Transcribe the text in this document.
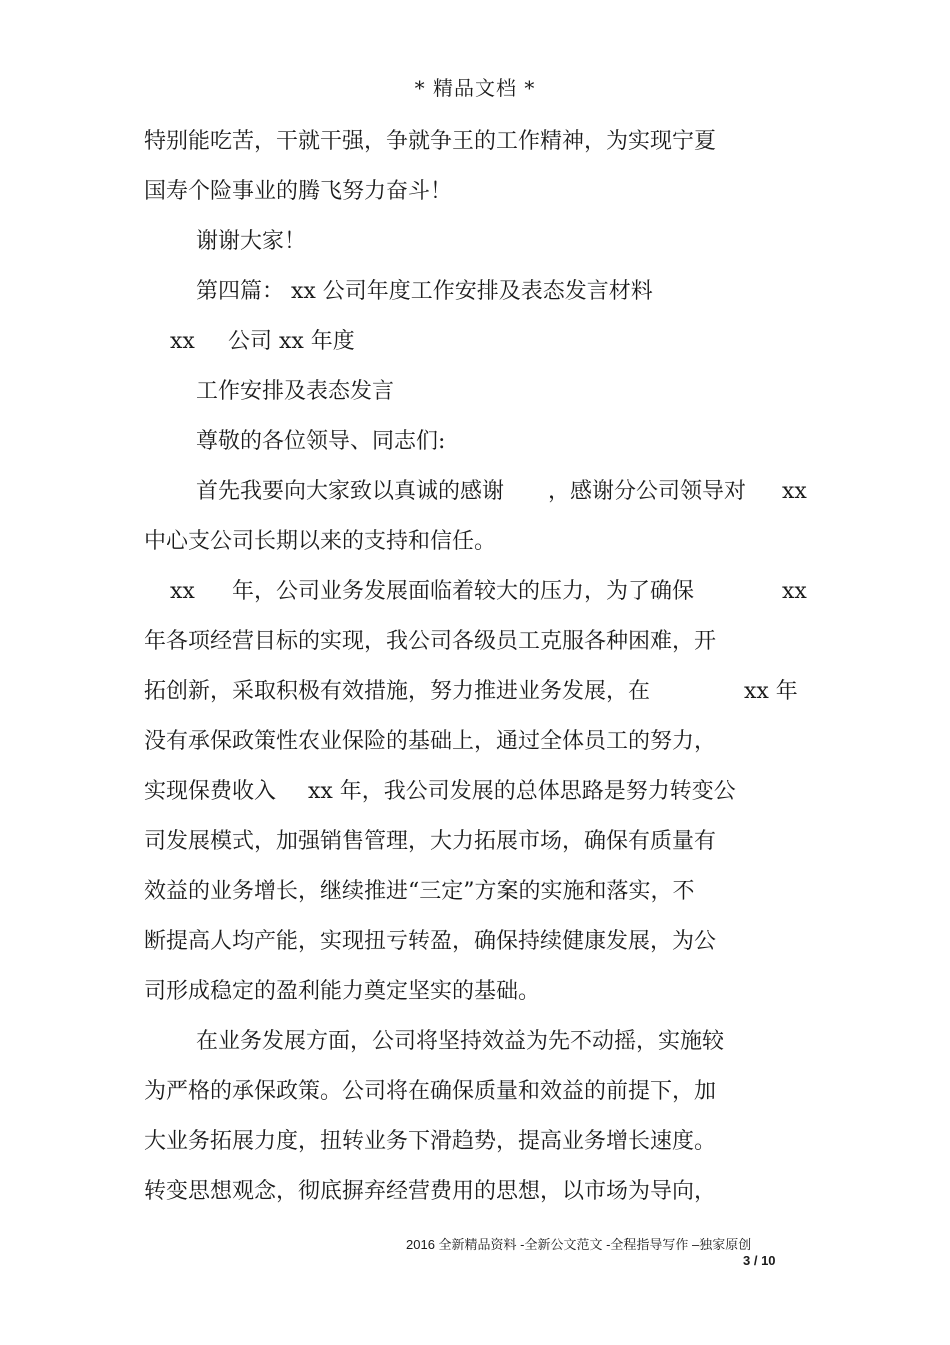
* 精品文档 *
特别能吃苦，干就干强，争就争王的工作精神，为实现宁夏
国寿个险事业的腾飞努力奋斗！
谢谢大家！
第四篇： xx 公司年度工作安排及表态发言材料
xx 公司 xx 年度
工作安排及表态发言
尊敬的各位领导、同志们:
首先我要向大家致以真诚的感谢 ，感谢分公司领导对 xx
中心支公司长期以来的支持和信任。
xx 年，公司业务发展面临着较大的压力，为了确保	xx
年各项经营目标的实现，我公司各级员工克服各种困难，开
拓创新，采取积极有效措施，努力推进业务发展，在	xx 年
没有承保政策性农业保险的基础上，通过全体员工的努力，
实现保费收入 xx 年，我公司发展的总体思路是努力转变公
司发展模式，加强销售管理，大力拓展市场，确保有质量有
效益的业务增长，继续推进“三定”方案的实施和落实，不
断提高人均产能，实现扭亏转盈，确保持续健康发展，为公
司形成稳定的盈利能力奠定坚实的基础。
在业务发展方面，公司将坚持效益为先不动摇，实施较
为严格的承保政策。公司将在确保质量和效益的前提下，加
大业务拓展力度，扭转业务下滑趋势，提高业务增长速度。
转变思想观念，彻底摒弃经营费用的思想，以市场为导向，
2016 全新精品资料 -全新公文范文 -全程指导写作 –独家原创
3 / 10
